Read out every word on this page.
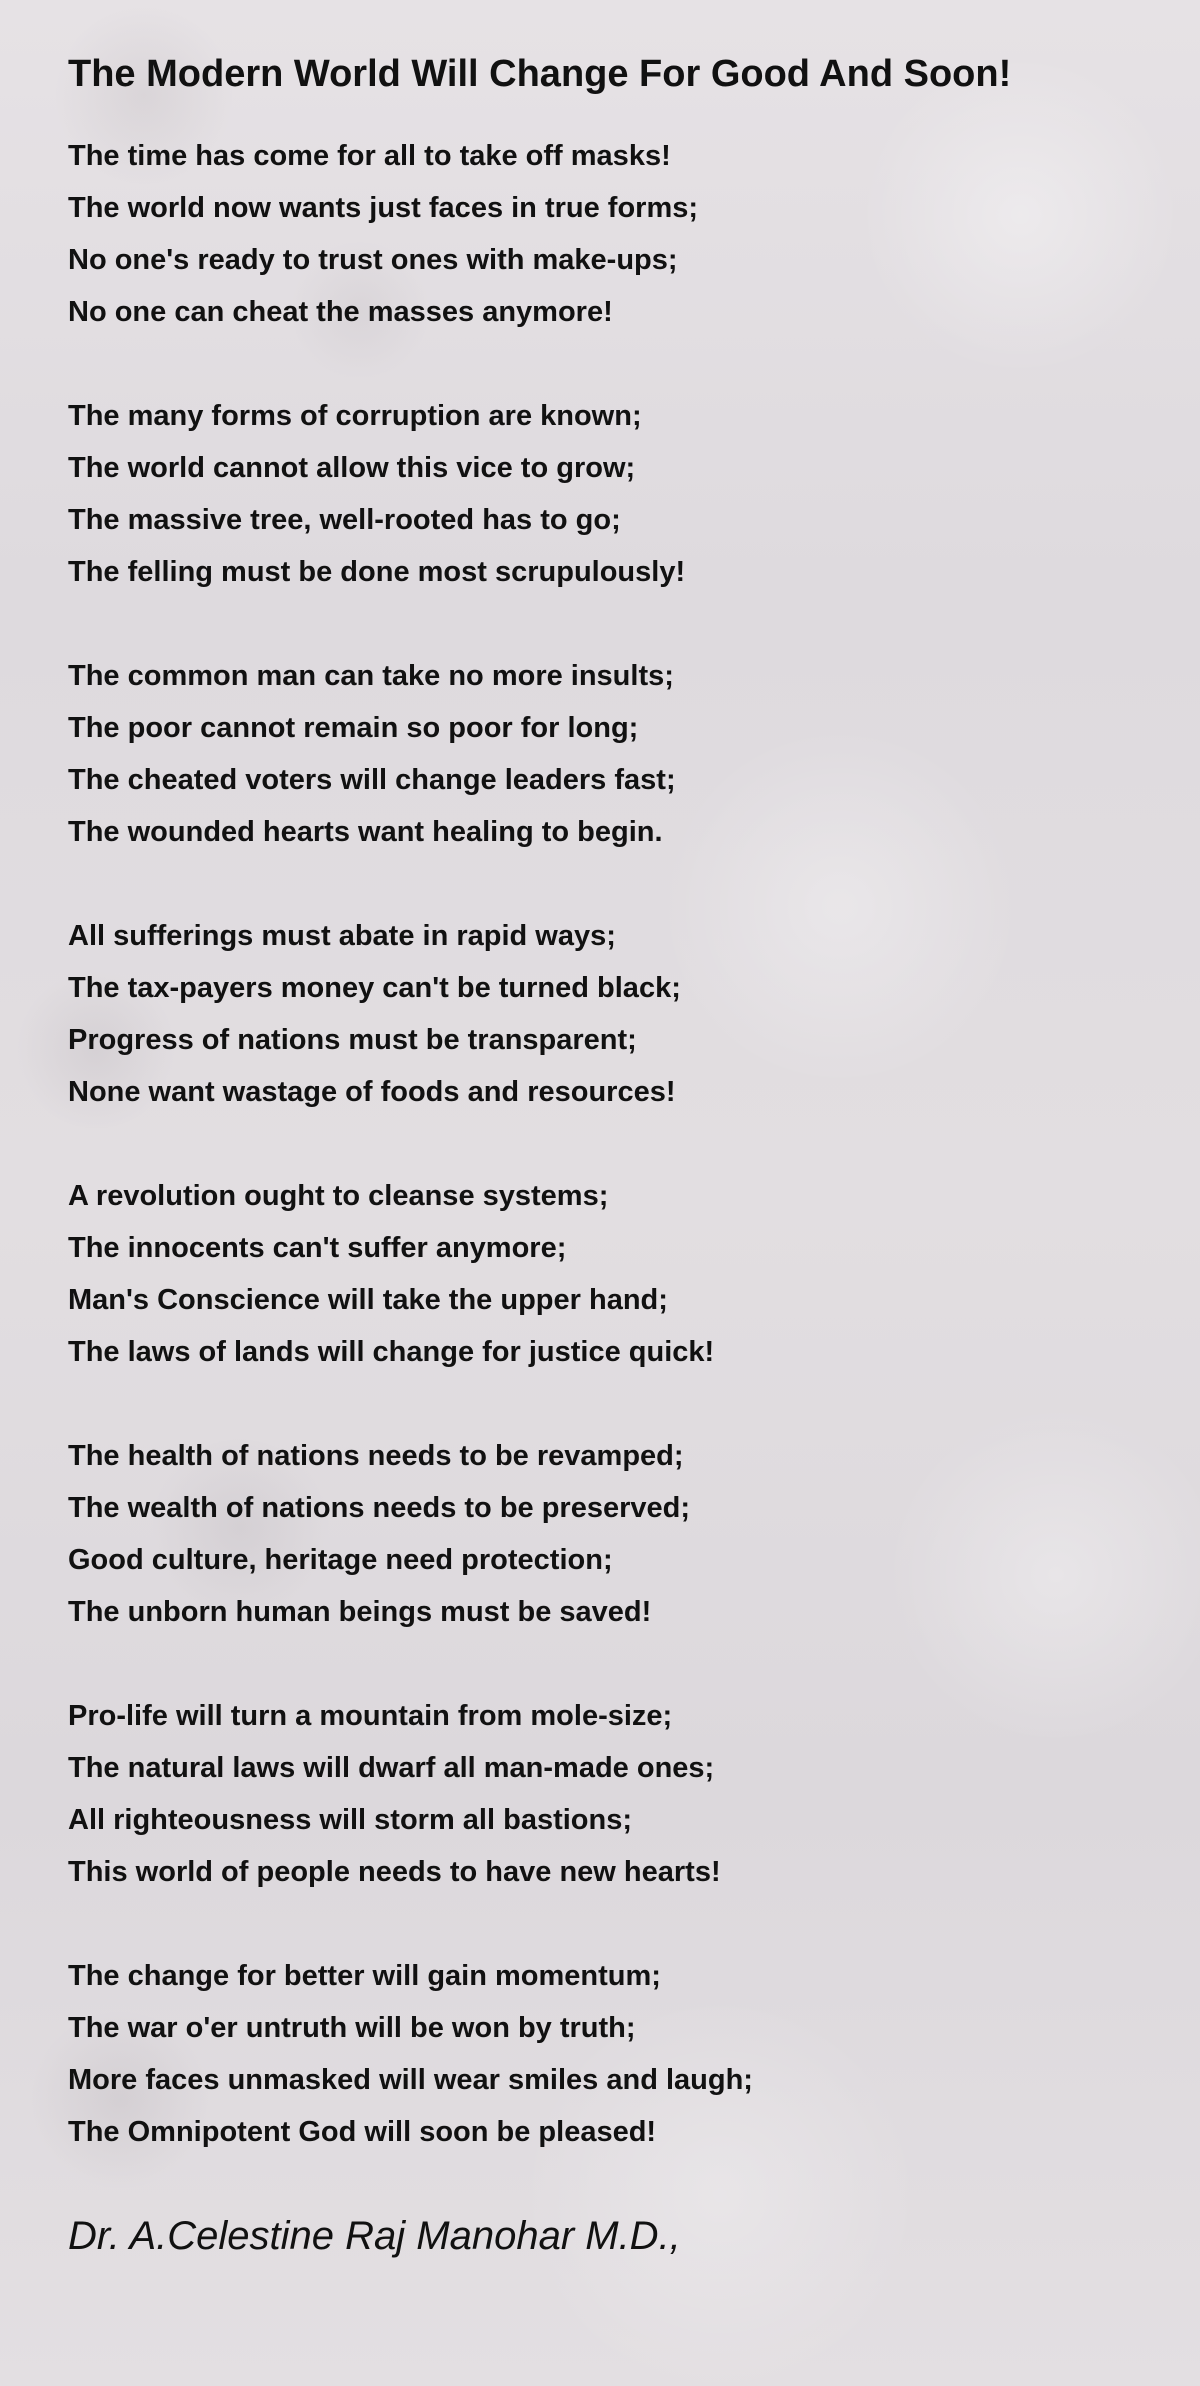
The Modern World Will Change For Good And Soon!
The time has come for all to take off masks!
The world now wants just faces in true forms;
No one's ready to trust ones with make-ups;
No one can cheat the masses anymore!
The many forms of corruption are known;
The world cannot allow this vice to grow;
The massive tree, well-rooted has to go;
The felling must be done most scrupulously!
The common man can take no more insults;
The poor cannot remain so poor for long;
The cheated voters will change leaders fast;
The wounded hearts want healing to begin.
All sufferings must abate in rapid ways;
The tax-payers money can't be turned black;
Progress of nations must be transparent;
None want wastage of foods and resources!
A revolution ought to cleanse systems;
The innocents can't suffer anymore;
Man's Conscience will take the upper hand;
The laws of lands will change for justice quick!
The health of nations needs to be revamped;
The wealth of nations needs to be preserved;
Good culture, heritage need protection;
The unborn human beings must be saved!
Pro-life will turn a mountain from mole-size;
The natural laws will dwarf all man-made ones;
All righteousness will storm all bastions;
This world of people needs to have new hearts!
The change for better will gain momentum;
The war o'er untruth will be won by truth;
More faces unmasked will wear smiles and laugh;
The Omnipotent God will soon be pleased!
Dr. A.Celestine Raj Manohar M.D.,
